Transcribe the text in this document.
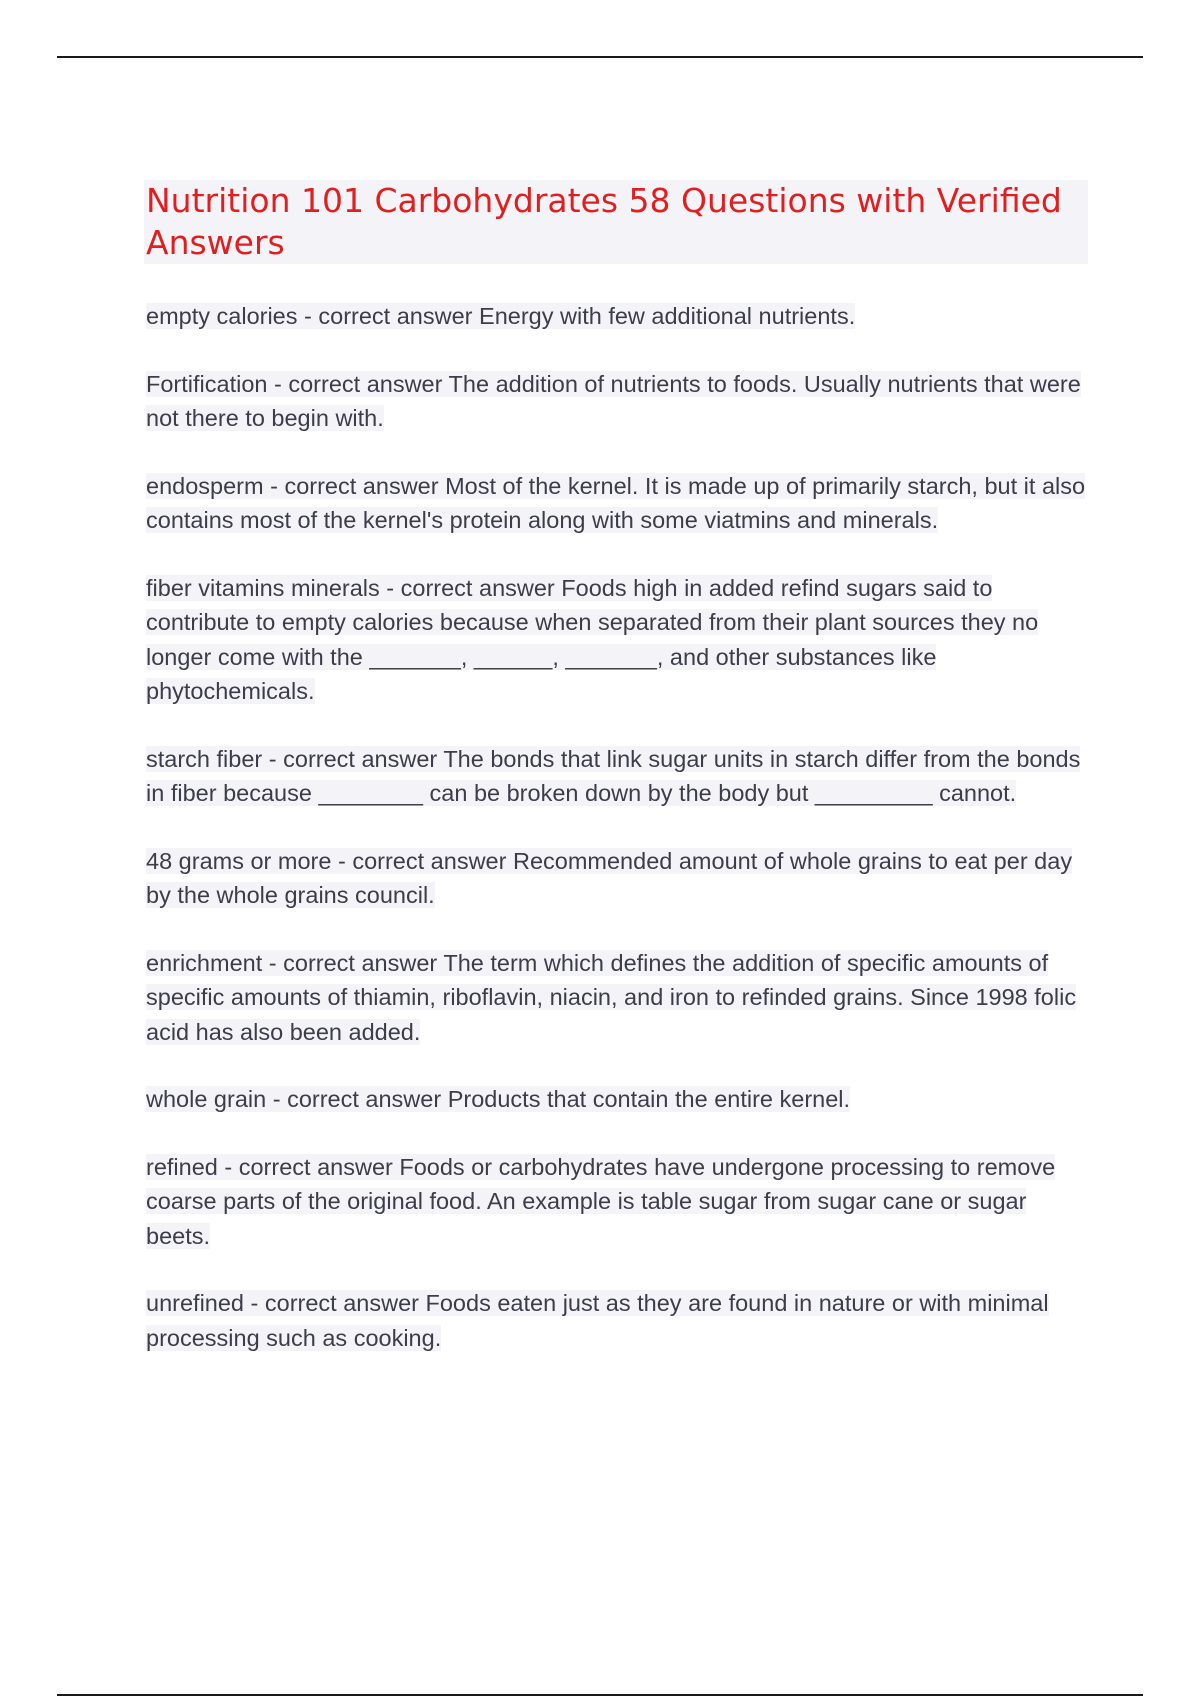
Nutrition 101 Carbohydrates 58 Questions with Verified Answers

empty calories - correct answer Energy with few additional nutrients.

Fortification - correct answer The addition of nutrients to foods. Usually nutrients that were not there to begin with.

endosperm - correct answer Most of the kernel. It is made up of primarily starch, but it also contains most of the kernel's protein along with some viatmins and minerals.

fiber vitamins minerals - correct answer Foods high in added refind sugars said to contribute to empty calories because when separated from their plant sources they no longer come with the _______, ______, _______, and other substances like phytochemicals.

starch fiber - correct answer The bonds that link sugar units in starch differ from the bonds in fiber because ________ can be broken down by the body but _________ cannot.

48 grams or more - correct answer Recommended amount of whole grains to eat per day by the whole grains council.

enrichment - correct answer The term which defines the addition of specific amounts of specific amounts of thiamin, riboflavin, niacin, and iron to refinded grains. Since 1998 folic acid has also been added.

whole grain - correct answer Products that contain the entire kernel.

refined - correct answer Foods or carbohydrates have undergone processing to remove coarse parts of the original food. An example is table sugar from sugar cane or sugar beets.

unrefined - correct answer Foods eaten just as they are found in nature or with minimal processing such as cooking.
